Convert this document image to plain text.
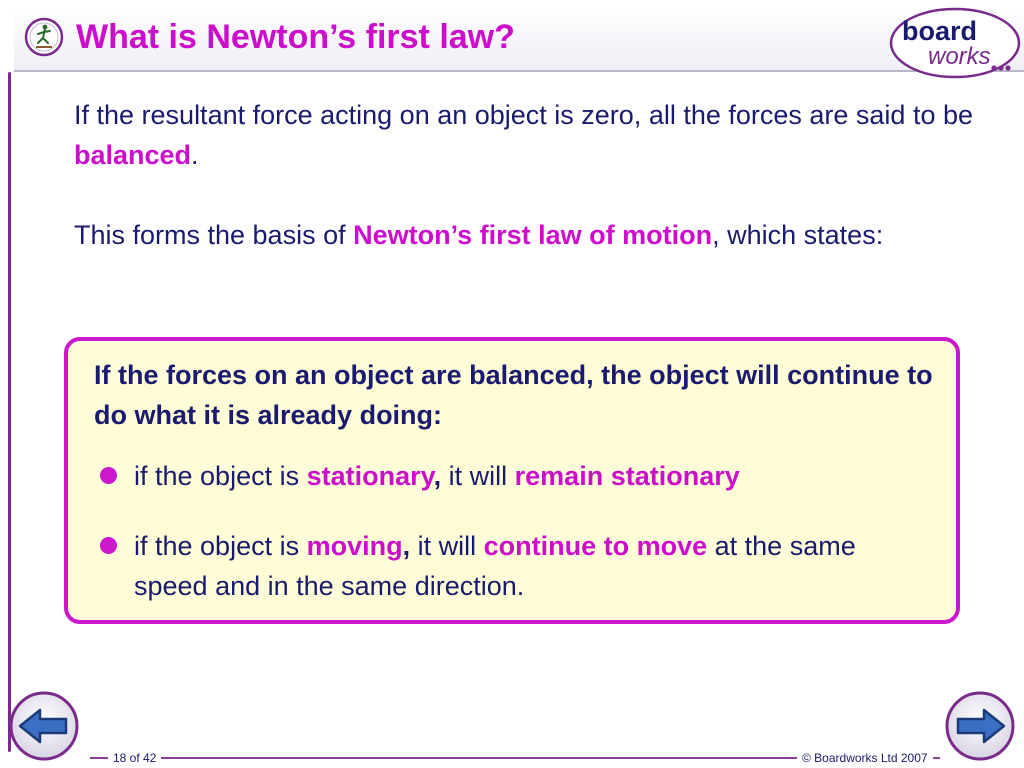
What is Newton’s first law?	board
works
If the resultant force acting on an object is zero, all the forces are said to be balanced.
This forms the basis of Newton’s first law of motion, which states:
If the forces on an object are balanced, the object will continue to do what it is already doing:
if the object is stationary, it will remain stationary
if the object is moving, it will continue to move at the same speed and in the same direction.
18 of 42	© Boardworks Ltd 2007
